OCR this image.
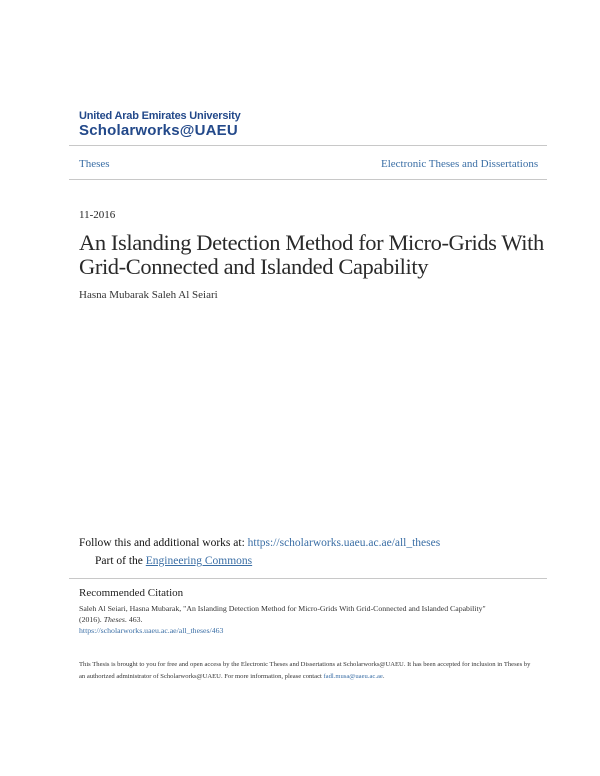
United Arab Emirates University
Scholarworks@UAEU
Theses	Electronic Theses and Dissertations
11-2016
An Islanding Detection Method for Micro-Grids With Grid-Connected and Islanded Capability
Hasna Mubarak Saleh Al Seiari
Follow this and additional works at: https://scholarworks.uaeu.ac.ae/all_theses
Part of the Engineering Commons
Recommended Citation
Saleh Al Seiari, Hasna Mubarak, "An Islanding Detection Method for Micro-Grids With Grid-Connected and Islanded Capability"
(2016). Theses. 463.
https://scholarworks.uaeu.ac.ae/all_theses/463
This Thesis is brought to you for free and open access by the Electronic Theses and Dissertations at Scholarworks@UAEU. It has been accepted for inclusion in Theses by an authorized administrator of Scholarworks@UAEU. For more information, please contact fadl.musa@uaeu.ac.ae.
